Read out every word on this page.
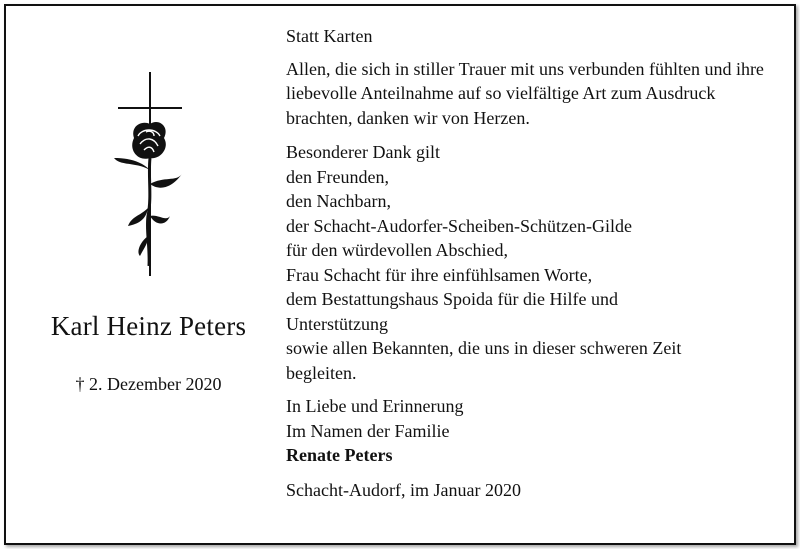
Karl Heinz Peters
† 2. Dezember 2020

Statt Karten

Allen, die sich in stiller Trauer mit uns verbunden fühlten und ihre liebevolle Anteilnahme auf so vielfältige Art zum Ausdruck brachten, danken wir von Herzen.

Besonderer Dank gilt
den Freunden,
den Nachbarn,
der Schacht-Audorfer-Scheiben-Schützen-Gilde
für den würdevollen Abschied,
Frau Schacht für ihre einfühlsamen Worte,
dem Bestattungshaus Spoida für die Hilfe und
Unterstützung
sowie allen Bekannten, die uns in dieser schweren Zeit
begleiten.
In Liebe und Erinnerung
Im Namen der Familie
Renate Peters

Schacht-Audorf, im Januar 2020
